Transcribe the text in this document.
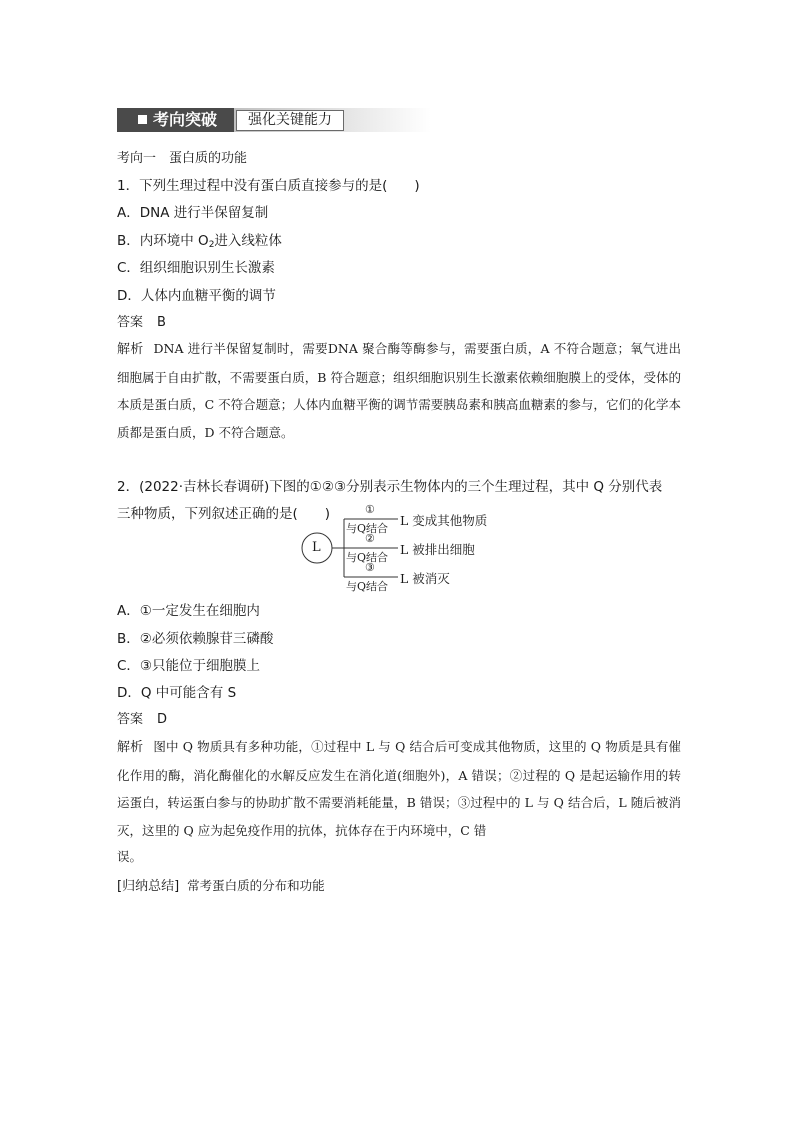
考向突破	强化关键能力
考向一　蛋白质的功能
1．下列生理过程中没有蛋白质直接参与的是(　　)
A．DNA 进行半保留复制
B．内环境中 $O_2$进入线粒体
C．组织细胞识别生长激素
D．人体内血糖平衡的调节
答案 B
解析 DNA 进行半保留复制时，需要DNA 聚合酶等酶参与，需要蛋白质，A 不符合题意；氧气进出细胞属于自由扩散，不需要蛋白质，B 符合题意；组织细胞识别生长激素依赖细胞膜上的受体，受体的本质是蛋白质，C 不符合题意；人体内血糖平衡的调节需要胰岛素和胰高血糖素的参与，它们的化学本质都是蛋白质，D 不符合题意。
2．(2022·吉林长春调研)下图的①②③分别表示生物体内的三个生理过程，其中 Q 分别代表
三种物质，下列叙述正确的是(　　)
L
①
与Q结合
L 变成其他物质
②
与Q结合
L 被排出细胞
③
与Q结合
L 被消灭
A．①一定发生在细胞内
B．②必须依赖腺苷三磷酸
C．③只能位于细胞膜上
D．Q 中可能含有 S
答案 D
解析 图中 Q 物质具有多种功能，①过程中 L 与 Q 结合后可变成其他物质，这里的 Q 物质是具有催化作用的酶，消化酶催化的水解反应发生在消化道(细胞外)，A 错误；②过程的 Q 是起运输作用的转运蛋白，转运蛋白参与的协助扩散不需要消耗能量，B 错误；③过程中的 L 与 Q 结合后，L 随后被消灭，这里的 Q 应为起免疫作用的抗体，抗体存在于内环境中，C 错
误。
[归纳总结] 常考蛋白质的分布和功能
